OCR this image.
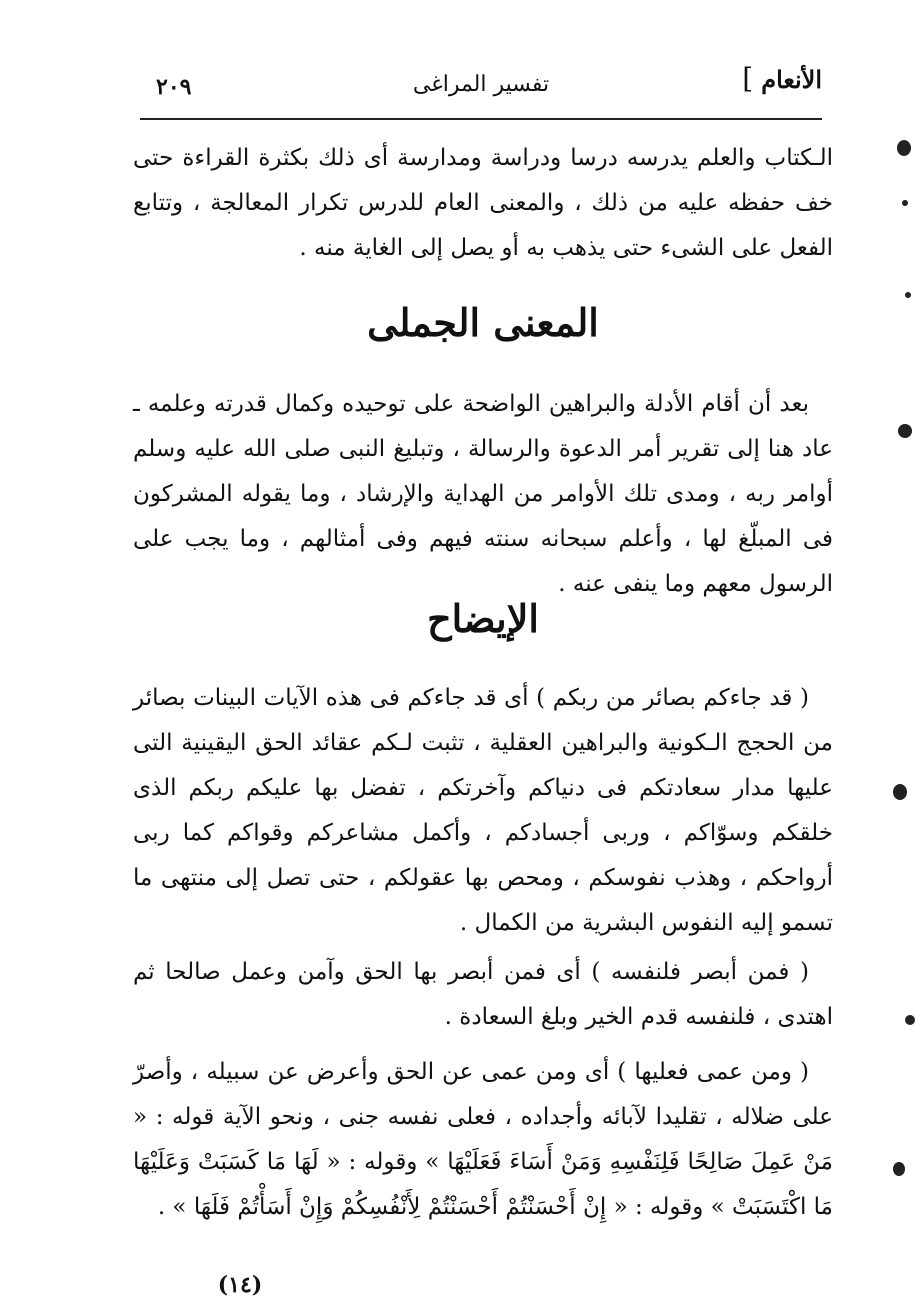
الأنعام]
تفسير المراغى
٢٠٩

الـكتاب والعلم يدرسه درسا ودراسة ومدارسة أى ذلك بكثرة القراءة حتى خف حفظه عليه من ذلك ، والمعنى العام للدرس تكرار المعالجة ، وتتابع الفعل على الشىء حتى يذهب به أو يصل إلى الغاية منه .

المعنى الجملى

بعد أن أقام الأدلة والبراهين الواضحة على توحيده وكمال قدرته وعلمه ـ عاد هنا إلى تقرير أمر الدعوة والرسالة ، وتبليغ النبى صلى الله عليه وسلم أوامر ربه ، ومدى تلك الأوامر من الهداية والإرشاد ، وما يقوله المشركون فى المبلّغ لها ، وأعلم سبحانه سنته فيهم وفى أمثالهم ، وما يجب على الرسول معهم وما ينفى عنه .

الإيضاح

( قد جاءكم بصائر من ربكم ) أى قد جاءكم فى هذه الآيات البينات بصائر من الحجج الـكونية والبراهين العقلية ، تثبت لـكم عقائد الحق اليقينية التى عليها مدار سعادتكم فى دنياكم وآخرتكم ، تفضل بها عليكم ربكم الذى خلقكم وسوّاكم ، وربى أجسادكم ، وأكمل مشاعركم وقواكم كما ربى أرواحكم ، وهذب نفوسكم ، ومحص بها عقولكم ، حتى تصل إلى منتهى ما تسمو إليه النفوس البشرية من الكمال .

( فمن أبصر فلنفسه ) أى فمن أبصر بها الحق وآمن وعمل صالحا ثم اهتدى ، فلنفسه قدم الخير وبلغ السعادة .

( ومن عمى فعليها ) أى ومن عمى عن الحق وأعرض عن سبيله ، وأصرّ على ضلاله ، تقليدا لآبائه وأجداده ، فعلى نفسه جنى ، ونحو الآية قوله : « مَنْ عَمِلَ صَالِحًا فَلِنَفْسِهِ وَمَنْ أَسَاءَ فَعَلَيْهَا » وقوله : « لَهَا مَا كَسَبَتْ وَعَلَيْهَا مَا اكْتَسَبَتْ » وقوله : « إِنْ أَحْسَنْتُمْ أَحْسَنْتُمْ لِأَنْفُسِكُمْ وَإِنْ أَسَأْتُمْ فَلَهَا » .

(١٤)
